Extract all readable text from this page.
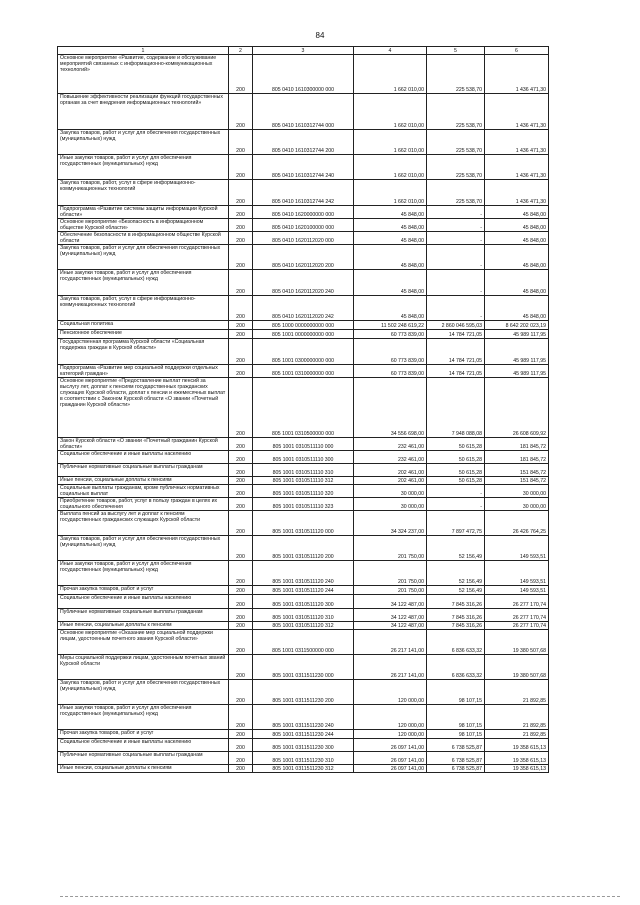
84
1	2	3	4	5	6
Основное мероприятие «Развитие, содержание и обслуживание мероприятий связанных с информационно-коммуникационных технологий»	200	805 0410 1610300000 000	1 662 010,00	225 538,70	1 436 471,30
Повышение эффективности реализации функций государственных органам за счет внедрения информационных технологий»	200	805 0410 1610312744 000	1 662 010,00	225 538,70	1 436 471,30
Закупка товаров, работ и услуг для обеспечения государственных (муниципальных) нужд	200	805 0410 1610312744 200	1 662 010,00	225 538,70	1 436 471,30
Иные закупки товаров, работ и услуг для обеспечения государственных (муниципальных) нужд	200	805 0410 1610312744 240	1 662 010,00	225 538,70	1 436 471,30
Закупка товаров, работ, услуг в сфере информационно-коммуникационных технологий	200	805 0410 1610312744 242	1 662 010,00	225 538,70	1 436 471,30
Подпрограмма «Развитие системы защиты информации Курской области»	200	805 0410 1620000000 000	45 848,00	-	45 848,00
Основное мероприятие «Безопасность в информационном обществе Курской области»	200	805 0410 1620100000 000	45 848,00	-	45 848,00
Обеспечение безопасности в информационном обществе Курской области	200	805 0410 1620112020 000	45 848,00	-	45 848,00
Закупка товаров, работ и услуг для обеспечения государственных (муниципальных) нужд	200	805 0410 1620112020 200	45 848,00	-	45 848,00
Иные закупки товаров, работ и услуг для обеспечения государственных (муниципальных) нужд	200	805 0410 1620112020 240	45 848,00	-	45 848,00
Закупка товаров, работ, услуг в сфере информационно-коммуникационных технологий	200	805 0410 1620112020 242	45 848,00	-	45 848,00
Социальная политика	200	805 1000 0000000000 000	11 502 248 619,22	2 860 046 595,03	8 642 202 023,19
Пенсионное обеспечение	200	805 1001 0000000000 000	60 773 839,00	14 784 721,05	45 989 117,95
Государственная программа Курской области «Социальная поддержка граждан в Курской области»	200	805 1001 0300000000 000	60 773 839,00	14 784 721,05	45 989 117,95
Подпрограмма «Развитие мер социальной поддержки отдельных категорий граждан»	200	805 1001 0310000000 000	60 773 839,00	14 784 721,05	45 989 117,95
Основное мероприятие «Предоставление выплат пенсий за выслугу лет, доплат к пенсиям государственных гражданских служащих Курской области, доплат к пенсии и ежемесячных выплат в соответствии с Законом Курской области «О звании «Почетный гражданин Курской области»	200	805 1001 0310500000 000	34 556 698,00	7 948 088,08	26 608 609,92
Закон Курской области «О звании «Почетный гражданин Курской области»	200	805 1001 0310511110 000	232 461,00	50 615,28	181 845,72
Социальное обеспечение и иные выплаты населению	200	805 1001 0310511110 300	232 461,00	50 615,28	181 845,72
Публичные нормативные социальные выплаты гражданам	200	805 1001 0310511110 310	202 461,00	50 615,28	151 845,72
Иные пенсии, социальные доплаты к пенсиям	200	805 1001 0310511110 312	202 461,00	50 615,28	151 845,72
Социальные выплаты гражданам, кроме публичных нормативных социальных выплат	200	805 1001 0310511110 320	30 000,00	-	30 000,00
Приобретение товаров, работ, услуг в пользу граждан в целях их социального обеспечения	200	805 1001 0310511110 323	30 000,00	-	30 000,00
Выплата пенсий за выслугу лет и доплат к пенсиям государственных гражданских служащих Курской области	200	805 1001 0310511120 000	34 324 237,00	7 897 472,75	26 426 764,25
Закупка товаров, работ и услуг для обеспечения государственных (муниципальных) нужд	200	805 1001 0310511120 200	201 750,00	52 156,49	149 593,51
Иные закупки товаров, работ и услуг для обеспечения государственных (муниципальных) нужд	200	805 1001 0310511120 240	201 750,00	52 156,49	149 593,51
Прочая закупка товаров, работ и услуг	200	805 1001 0310511120 244	201 750,00	52 156,49	149 593,51
Социальное обеспечение и иные выплаты населению	200	805 1001 0310511120 300	34 122 487,00	7 845 316,26	26 277 170,74
Публичные нормативные социальные выплаты гражданам	200	805 1001 0310511120 310	34 122 487,00	7 845 316,26	26 277 170,74
Иные пенсии, социальные доплаты к пенсиям	200	805 1001 0310511120 312	34 122 487,00	7 845 316,26	26 277 170,74
Основное мероприятие «Оказание мер социальной поддержки лицам, удостоенным почетного звания Курской области»	200	805 1001 0311500000 000	26 217 141,00	6 836 633,32	19 380 507,68
Меры социальной поддержки лицам, удостоенным почетных званий Курской области	200	805 1001 0311511230 000	26 217 141,00	6 836 633,32	19 380 507,68
Закупка товаров, работ и услуг для обеспечения государственных (муниципальных) нужд	200	805 1001 0311511230 200	120 000,00	98 107,15	21 892,85
Иные закупки товаров, работ и услуг для обеспечения государственных (муниципальных) нужд	200	805 1001 0311511230 240	120 000,00	98 107,15	21 892,85
Прочая закупка товаров, работ и услуг	200	805 1001 0311511230 244	120 000,00	98 107,15	21 892,85
Социальное обеспечение и иные выплаты населению	200	805 1001 0311511230 300	26 097 141,00	6 738 525,87	19 358 615,13
Публичные нормативные социальные выплаты гражданам	200	805 1001 0311511230 310	26 097 141,00	6 738 525,87	19 358 615,13
Иные пенсии, социальные доплаты к пенсиям	200	805 1001 0311511230 312	26 097 141,00	6 738 525,87	19 358 615,13
